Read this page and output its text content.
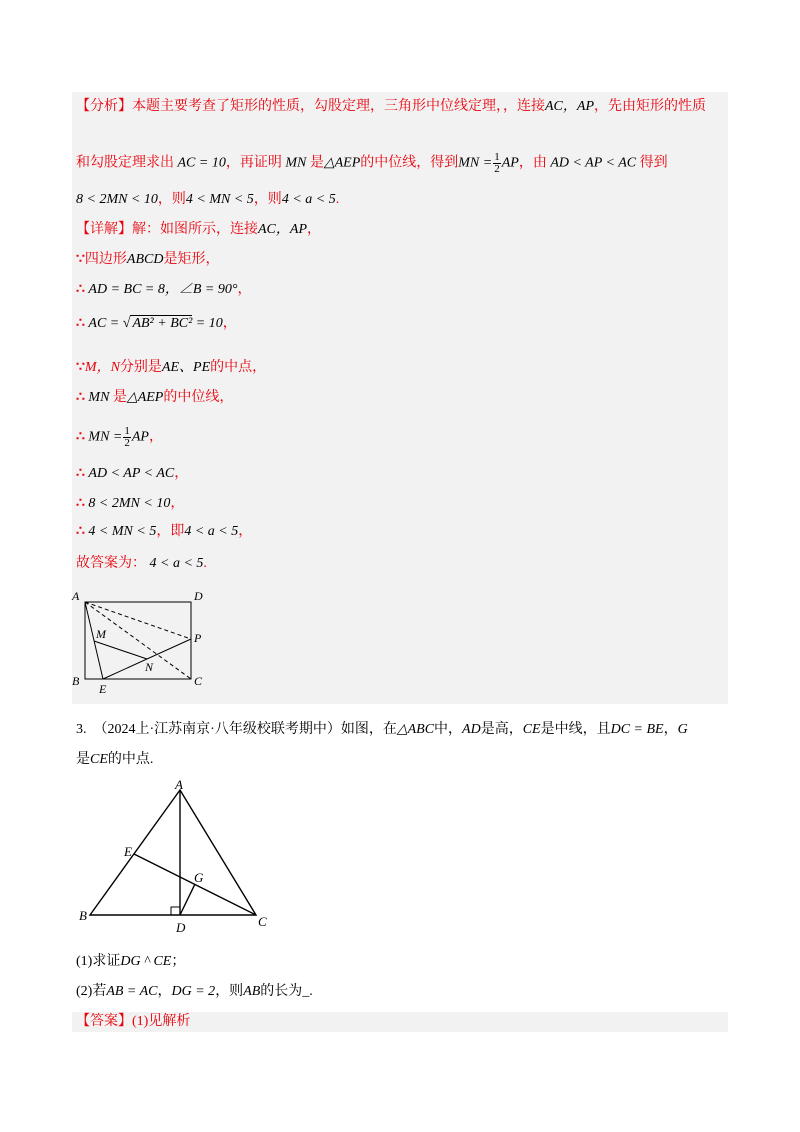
【分析】本题主要考查了矩形的性质，勾股定理，三角形中位线定理，，连接AC，AP，先由矩形的性质
和勾股定理求出 AC = 10，再证明 MN 是△AEP的中位线，得到MN = $\frac{1}{2}$ AP，由 AD < AP < AC 得到
8 < 2MN < 10，则4 < MN < 5，则4 < a < 5.
【详解】解：如图所示，连接AC，AP，
∵四边形ABCD是矩形，
∴ AD = BC = 8，∠B = 90°，
∴ AC = √ AB² + BC² = 10，
∵M，N分别是AE、PE的中点，
∴ MN 是△AEP的中位线，
∴ MN = $\frac{1}{2}$ AP，
∴ AD < AP < AC，
∴ 8 < 2MN < 10，
∴ 4 < MN < 5，即4 < a < 5，
故答案为： 4 < a < 5.
A	D
M	P
N
B
E
C
3. （2024上·江苏南京·八年级校联考期中）如图，在△ABC中，AD是高，CE是中线，且DC = BE，G
是CE的中点.
A
E
G
B
D	C
(1)求证DG ^ CE；
(2)若AB = AC，DG = 2，则AB的长为_.
【答案】(1)见解析
